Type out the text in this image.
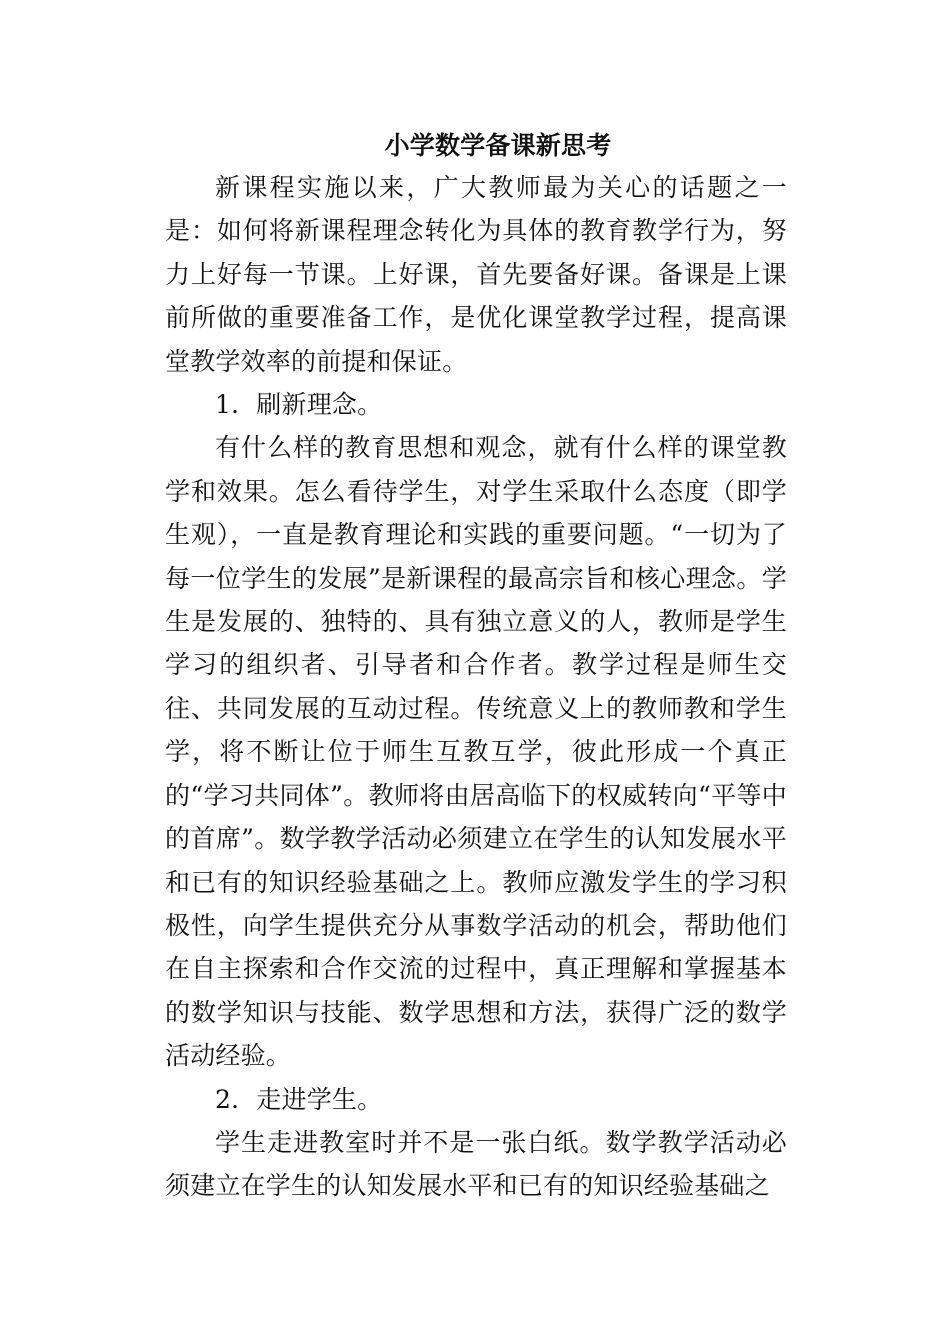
小学数学备课新思考

新课程实施以来，广大教师最为关心的话题之一是：如何将新课程理念转化为具体的教育教学行为，努力上好每一节课。上好课，首先要备好课。备课是上课前所做的重要准备工作，是优化课堂教学过程，提高课堂教学效率的前提和保证。

1．刷新理念。

有什么样的教育思想和观念，就有什么样的课堂教学和效果。怎么看待学生，对学生采取什么态度（即学生观），一直是教育理论和实践的重要问题。“一切为了每一位学生的发展”是新课程的最高宗旨和核心理念。学生是发展的、独特的、具有独立意义的人，教师是学生学习的组织者、引导者和合作者。教学过程是师生交往、共同发展的互动过程。传统意义上的教师教和学生学，将不断让位于师生互教互学，彼此形成一个真正的“学习共同体”。教师将由居高临下的权威转向“平等中的首席”。数学教学活动必须建立在学生的认知发展水平和已有的知识经验基础之上。教师应激发学生的学习积极性，向学生提供充分从事数学活动的机会，帮助他们在自主探索和合作交流的过程中，真正理解和掌握基本的数学知识与技能、数学思想和方法，获得广泛的数学活动经验。

2．走进学生。

学生走进教室时并不是一张白纸。数学教学活动必须建立在学生的认知发展水平和已有的知识经验基础之
